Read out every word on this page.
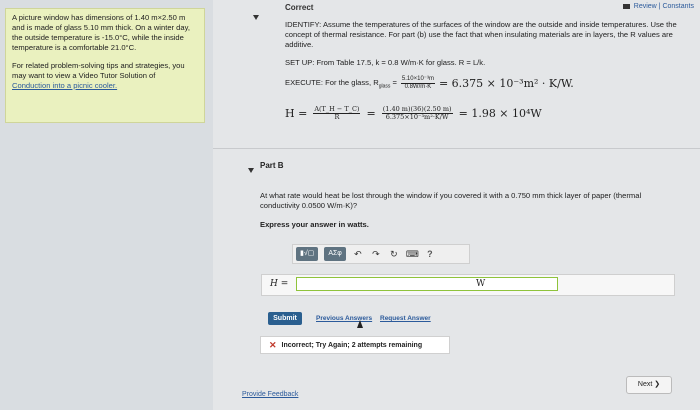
A picture window has dimensions of 1.40 m×2.50 m and is made of glass 5.10 mm thick. On a winter day, the outside temperature is -15.0°C, while the inside temperature is a comfortable 21.0°C.

For related problem-solving tips and strategies, you may want to view a Video Tutor Solution of
Conduction into a picnic cooler.

Review | Constants
Correct
IDENTIFY: Assume the temperatures of the surfaces of the window are the outside and inside temperatures. Use the concept of thermal resistance. For part (b) use the fact that when insulating materials are in layers, the R values are additive.
SET UP: From Table 17.5, k = 0.8 W/m·K for glass. R = L/k.
EXECUTE: For the glass, $R_{glass} = \frac{\text{5.10×10⁻³m}}{0.8W/m\cdot K} = 6.375 \times 10^{-3}m^2 \cdot K/W$.
$H = \frac{A(T\_H - T\_C)}{R} = \frac{(1.40 m)(36)(2.50 m)}{\text{6.375×10⁻³m²·K/W}} = 1.98 \times 10^4W$
Part B
At what rate would heat be lost through the window if you covered it with a 0.750 mm thick layer of paper (thermal conductivity 0.0500 W/m·K)?
Express your answer in watts.
▮√▢	ΑΣφ	↶ ↷ ↻ ⌨ ?
H =	W
Submit	Previous Answers Request Answer
✕ Incorrect; Try Again; 2 attempts remaining
Next ❯
Provide Feedback
